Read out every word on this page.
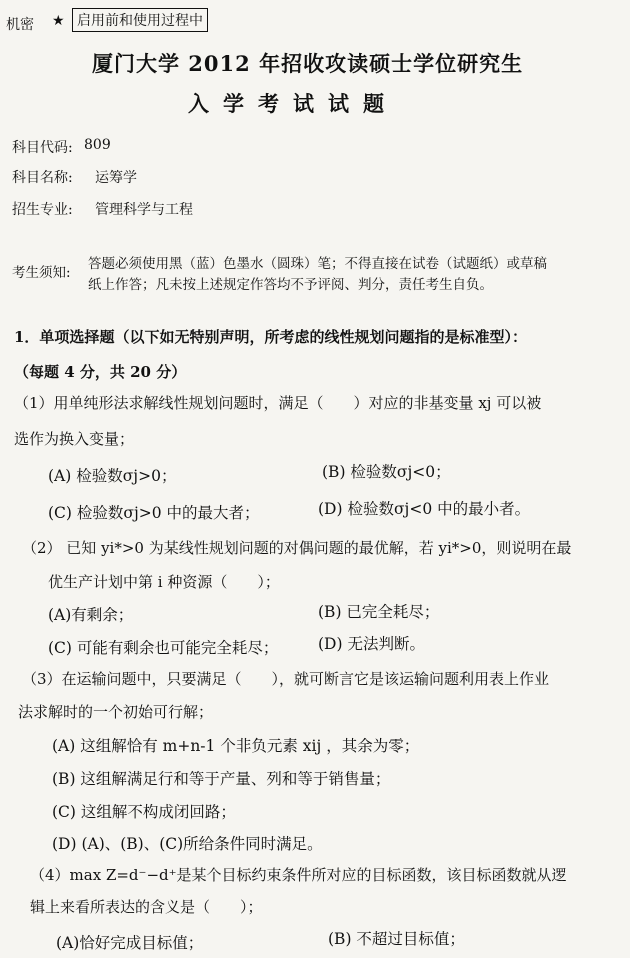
机密 ★ 启用前和使用过程中
厦门大学 2012 年招收攻读硕士学位研究生
入学考试试题
科目代码: 809
科目名称: 运筹学
招生专业: 管理科学与工程
考生须知:
答题必须使用黑（蓝）色墨水（圆珠）笔；不得直接在试卷（试题纸）或草稿
纸上作答；凡未按上述规定作答均不予评阅、判分，责任考生自负。
1．单项选择题（以下如无特别声明，所考虑的线性规划问题指的是标准型）：
（每题 4 分，共 20 分）
（1）用单纯形法求解线性规划问题时，满足（　　）对应的非基变量 xj 可以被
选作为换入变量；
(A) 检验数σj>0；	(B) 检验数σj<0；
(C) 检验数σj>0 中的最大者；	(D) 检验数σj<0 中的最小者。
（2） 已知 yi*>0 为某线性规划问题的对偶问题的最优解，若 yi*>0，则说明在最
优生产计划中第 i 种资源（　　）；
(A)有剩余；	(B) 已完全耗尽；
(C) 可能有剩余也可能完全耗尽；	(D) 无法判断。
（3）在运输问题中，只要满足（　　），就可断言它是该运输问题利用表上作业
法求解时的一个初始可行解；
(A) 这组解恰有 m+n-1 个非负元素 xij ，其余为零；
(B) 这组解满足行和等于产量、列和等于销售量；
(C) 这组解不构成闭回路；
(D) (A)、(B)、(C)所给条件同时满足。
（4）max Z=d⁻−d⁺是某个目标约束条件所对应的目标函数，该目标函数就从逻
辑上来看所表达的含义是（　　）；
(A)恰好完成目标值；	(B) 不超过目标值；
